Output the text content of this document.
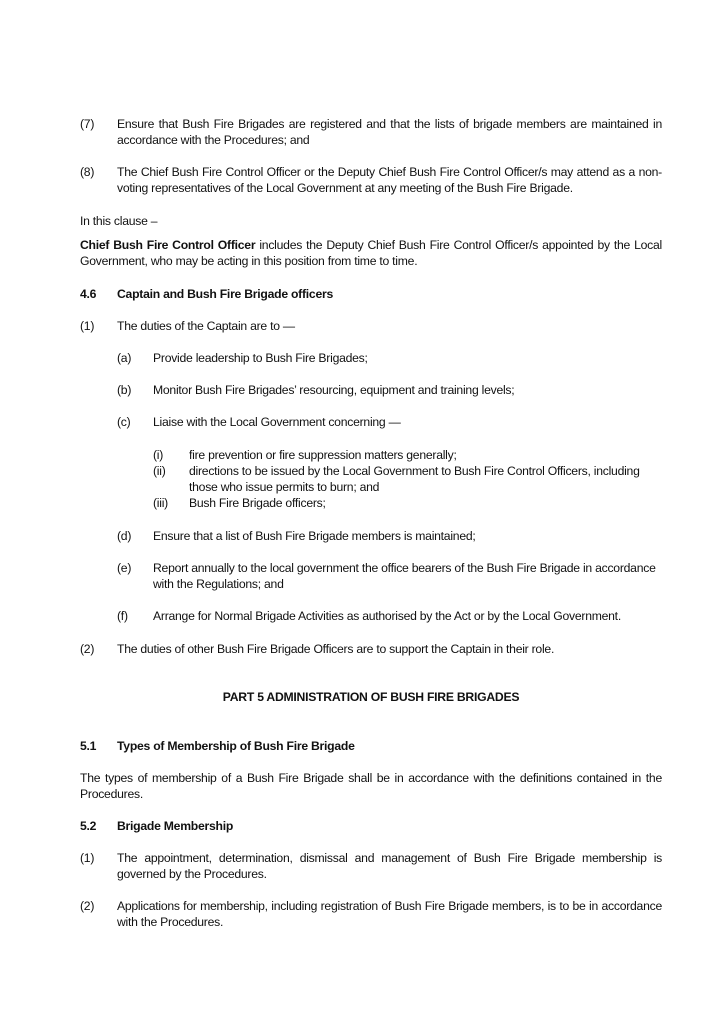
(7) Ensure that Bush Fire Brigades are registered and that the lists of brigade members are maintained in accordance with the Procedures; and
(8) The Chief Bush Fire Control Officer or the Deputy Chief Bush Fire Control Officer/s may attend as a non-voting representatives of the Local Government at any meeting of the Bush Fire Brigade.
In this clause –
Chief Bush Fire Control Officer includes the Deputy Chief Bush Fire Control Officer/s appointed by the Local Government, who may be acting in this position from time to time.
4.6 Captain and Bush Fire Brigade officers
(1) The duties of the Captain are to —
(a) Provide leadership to Bush Fire Brigades;
(b) Monitor Bush Fire Brigades’ resourcing, equipment and training levels;
(c) Liaise with the Local Government concerning —
(i) fire prevention or fire suppression matters generally;
(ii) directions to be issued by the Local Government to Bush Fire Control Officers, including those who issue permits to burn; and
(iii) Bush Fire Brigade officers;
(d) Ensure that a list of Bush Fire Brigade members is maintained;
(e) Report annually to the local government the office bearers of the Bush Fire Brigade in accordance with the Regulations; and
(f) Arrange for Normal Brigade Activities as authorised by the Act or by the Local Government.
(2) The duties of other Bush Fire Brigade Officers are to support the Captain in their role.
PART 5 ADMINISTRATION OF BUSH FIRE BRIGADES
5.1 Types of Membership of Bush Fire Brigade
The types of membership of a Bush Fire Brigade shall be in accordance with the definitions contained in the Procedures.
5.2 Brigade Membership
(1) The appointment, determination, dismissal and management of Bush Fire Brigade membership is governed by the Procedures.
(2) Applications for membership, including registration of Bush Fire Brigade members, is to be in accordance with the Procedures.
